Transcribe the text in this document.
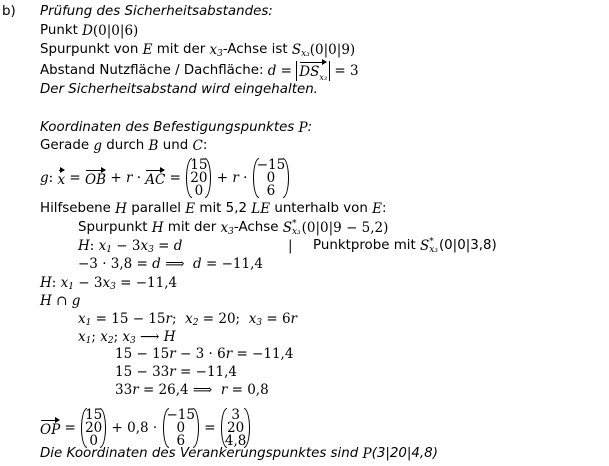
b) Prüfung des Sicherheitsabstandes:
Punkt D (0|0|6)
Spurpunkt von E mit der x 3 -Achse ist S x₃ (0|0|9)
Abstand Nutzfläche / Dachfläche: $d = DS_{x_3} = 3$
Der Sicherheitsabstand wird eingehalten.
Koordinaten des Befestigungspunktes P :
Gerade g durch B und C :
g : x = OB + r · AC =
15
20
0
+ r ·
−15
0
6
Hilfsebene H parallel E mit 5,2 LE unterhalb von E :
Spurpunkt H mit der x 3 -Achse S *
x₃ (0|0|9 − 5,2)
H : x 1 − 3 x 3 = d	| Punktprobe mit S *
x₃ (0|0|3,8)
−3 · 3,8 = d ⟹ d = −11,4
H : x 1 − 3 x 3 = −11,4
H ∩ g
x 1 = 15 − 15 r ; x 2 = 20; x 3 = 6 r
x 1 ; x 2 ; x 3 ⟶ H
15 − 15 r − 3 · 6 r = −11,4
15 − 33 r = −11,4
33 r = 26,4 ⟹ r = 0,8
OP =
15
20
0
+ 0,8 ·
−15
0
6
=
3
20
4,8
Die Koordinaten des Verankerungspunktes sind P (3|20|4,8)
